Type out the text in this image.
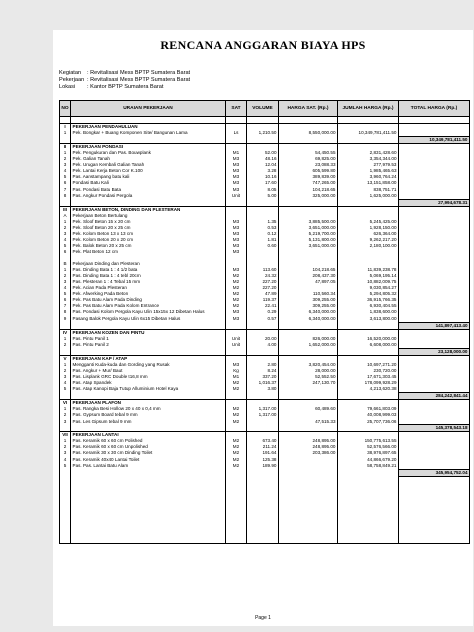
RENCANA ANGGARAN BIAYA HPS
Kegiatan : Revitalisasi Mess BPTP Sumatera Barat
Pekerjaan : Revitalisasi Mess BPTP Sumatera Barat
Lokasi : Kantor BPTP Sumatera Barat
NO	URAIAN PEKERJAAN	SAT	VOLUME	HARGA SAT. (Rp.)	JUMLAH HARGA (Rp.)	TOTAL HARGA (Rp.)

I	PEKERJAAN PENDAHULUAN					
1	Pek. Bongkar + Buang Komponen Site/ Bangunan Lama	Ls	1,210.50	8,550,000.00	10,349,781,411.50	
						10,349,781,411.50
II	PEKERJAAN PONDASI					
1	Pek. Pengukuran dan Pas. Bouwplank	M1	52.00	54,450.55	2,831,428.60	
2	Pek. Galian Tanah	M3	48.16	69,825.00	3,354,344.00	
3	Pek. Urugan Kembali Galian Tanah	M3	12.04	23,088.33	277,979.53	
4	Pek. Lantai Kerja Beton Cor K.100	M3	3.28	605,599.80	1,985,465.63	
5	Pas. Aanstampang batu kali	M3	10.16	389,839.00	3,960,764.24	
6	Pondasi Batu Kali	M3	17.60	747,265.00	13,151,858.00	
7	Pas. Pondasi Batu Bata	M3	8.05	104,218.65	838,751.71	
8	Pas. Angkur Pondasi Pergola	Unit	5.00	325,000.00	1,625,000.00	
						27,994,678.31
III	PEKERJAAN BETON, DINDING DAN PLESTERAN					
A	Pekerjaan Beton Bertulang					
1	Pek. Sloof Beton 15 x 20 cm	M3	1.35	3,885,500.00	5,245,425.00	
2	Pek. Sloof Beton 20 x 25 cm	M3	0.53	3,651,000.00	1,928,150.00	
3	Pek. Kolom Beton 13 x 13 cm	M3	0.12	5,219,700.00	626,364.00	
4	Pek. Kolom Beton 20 x 20 cm	M3	1.81	5,131,800.00	9,262,217.20	
5	Pek. Balok Beton 20 x 25 cm	M3	0.60	3,651,000.00	2,180,100.00	
6	Pek. Plat Beton 12 cm	M3				

B	Pekerjaan Dinding dan Plesteran					
1	Pas. Dinding Bata 1 : 4 1/2 bata	M3	113.60	104,218.65	11,839,238.78	
2	Pas. Dinding Bata 1 : 4 tebl 20cm	M2	24.32	208,437.30	5,069,195.14	
3	Pas. Plesteran 1 : 4 Tebal 15 mm	M2	227.20	47,897.05	10,882,009.75	
4	Pek. Acian Pada Plesteran	M2	227.20		9,030,854.27	
5	Pek. Afwerking Pada Beton	M2	47.89	110,560.34	5,294,805.32	
6	Pek. Pas Batu Alam Pada Dinding	M2	119.37	309,255.00	36,915,766.35	
7	Pek. Pas Batu Alam Pada Kolom Entrance	M2	22.41	309,255.00	6,930,404.55	
8	Pas. Pondasi Kolom Pergola Kayu Ulin 15x15x 12 Dibetan Halus	M3	0.29	6,340,000.00	1,838,600.00	
9	Pasang Balok Pergola Kayu Ulin 6x15 Dibetan Halus	M3	0.57	6,340,000.00	3,613,800.00	
						141,897,413.40
IV	PEKERJAAN KOZEN DAN PINTU					
1	Pas. Pintu Panil 1	Unit	20.00	826,000.00	16,520,000.00	
2	Pas. Pintu Panil 2	Unit	4.00	1,652,000.00	6,608,000.00	
						23,128,000.00
V	PEKERJAAN KAP / ATAP					
1	Mengganti Kuda-kuda dan Gording yang Rusak	M3	2.80	3,820,454.00	10,697,271.20	
2	Pas. Angkur + Mur/ Baut	Kg	8.24	28,000.00	230,720.00	
3	Pas. Lisplank GRC Double t16,8 mm	M1	337.20	52,552.50	17,671,303.45	
4	Pas. Atap Spandek	M2	1,016.37	247,130.70	178,099,928.29	
5	Pas. Atap Kanopi Baja Tutup Alluminium Hotel Kaya	M2	3.80		4,213,620.38	
						284,242,841.44
VI	PEKERJAAN PLAFON					
1	Pas. Rangka Besi Hollow 20 x 40 x 0,4 mm	M2	1,317.00	60,489.60	79,661,803.09	
2	Pas. Gypsum Board tebal 9 mm	M2	1,317.00		40,008,999.03	
3	Pas. Les Gipsum tebal 9 mm	M2		47,515.33	25,707,736.06	
						145,378,543.18
VII	PEKERJAAN LANTAI					
1	Pas. Keramik 60 x 60 cm Polished	M2	673.40	248,895.00	150,775,613.55	
2	Pas. Keramik 60 x 60 cm Unpolished	M2	211.24	248,895.00	52,576,566.00	
3	Pas. Keramik 30 x 30 cm Dinding Toilet	M2	191.64	203,386.00	38,976,897.65	
4	Pas. Keramik 40x40 Lantai Toilet	M2	125.38		44,866,679.20	
5	Pas. Pas. Lantai Batu Alam	M2	189.90		58,758,849.21	
						345,954,752.04

Page 1
